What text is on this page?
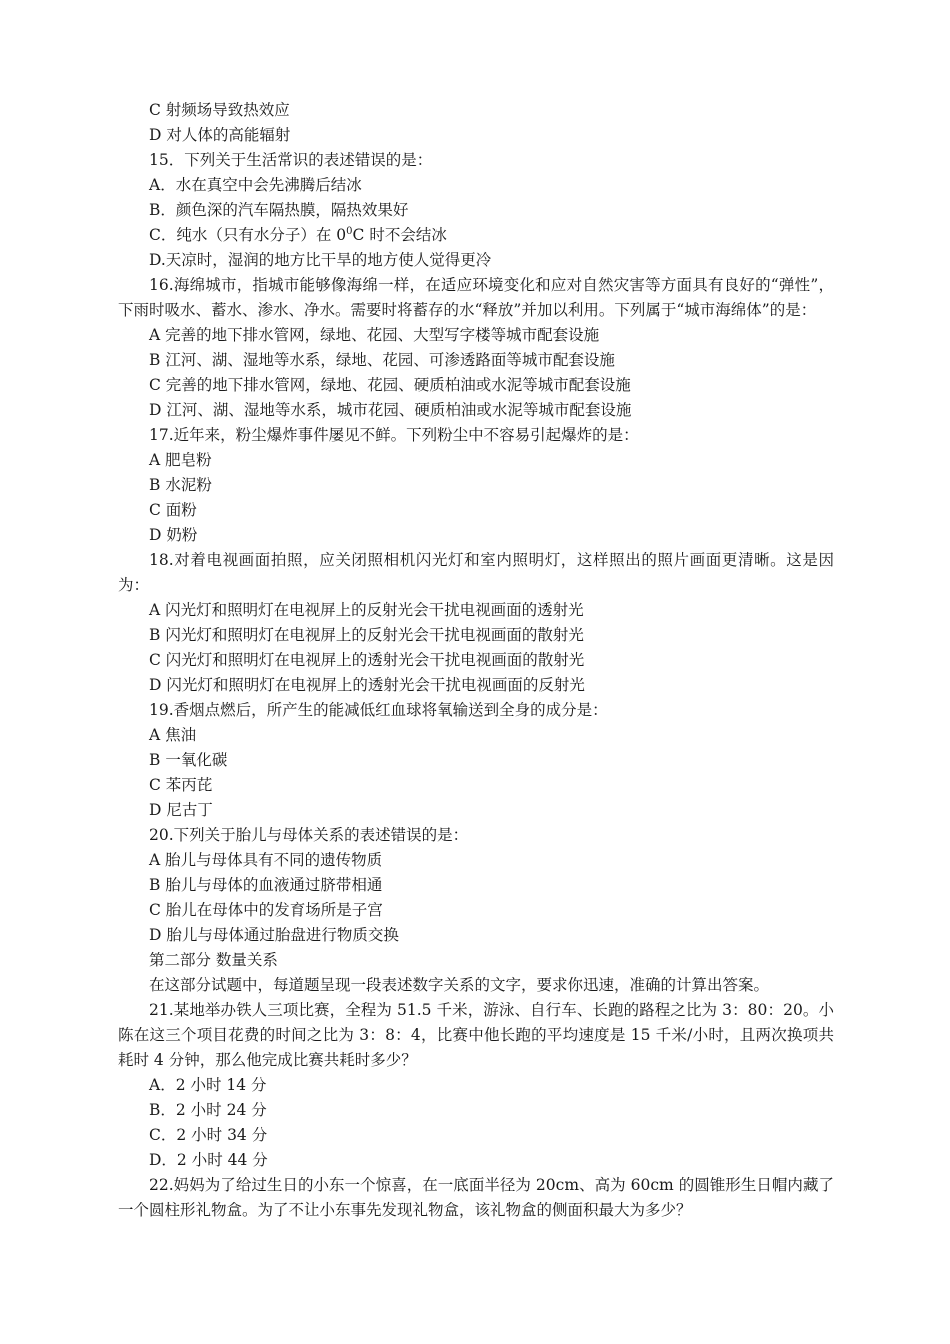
C 射频场导致热效应
D 对人体的高能辐射
15．下列关于生活常识的表述错误的是：
A．水在真空中会先沸腾后结冰
B．颜色深的汽车隔热膜，隔热效果好
C．纯水（只有水分子）在 $0^0C$ 时不会结冰
D.天凉时，湿润的地方比干旱的地方使人觉得更冷
16.海绵城市，指城市能够像海绵一样，在适应环境变化和应对自然灾害等方面具有良好的“弹性”，下雨时吸水、蓄水、渗水、净水。需要时将蓄存的水“释放”并加以利用。下列属于“城市海绵体”的是：
A 完善的地下排水管网，绿地、花园、大型写字楼等城市配套设施
B 江河、湖、湿地等水系，绿地、花园、可渗透路面等城市配套设施
C 完善的地下排水管网，绿地、花园、硬质柏油或水泥等城市配套设施
D 江河、湖、湿地等水系，城市花园、硬质柏油或水泥等城市配套设施
17.近年来，粉尘爆炸事件屡见不鲜。下列粉尘中不容易引起爆炸的是：
A 肥皂粉
B 水泥粉
C 面粉
D 奶粉
18.对着电视画面拍照，应关闭照相机闪光灯和室内照明灯，这样照出的照片画面更清晰。这是因为：
A 闪光灯和照明灯在电视屏上的反射光会干扰电视画面的透射光
B 闪光灯和照明灯在电视屏上的反射光会干扰电视画面的散射光
C 闪光灯和照明灯在电视屏上的透射光会干扰电视画面的散射光
D 闪光灯和照明灯在电视屏上的透射光会干扰电视画面的反射光
19.香烟点燃后，所产生的能减低红血球将氧输送到全身的成分是：
A 焦油
B 一氧化碳
C 苯丙芘
D 尼古丁
20.下列关于胎儿与母体关系的表述错误的是：
A 胎儿与母体具有不同的遗传物质
B 胎儿与母体的血液通过脐带相通
C 胎儿在母体中的发育场所是子宫
D 胎儿与母体通过胎盘进行物质交换
第二部分 数量关系
在这部分试题中，每道题呈现一段表述数字关系的文字，要求你迅速，准确的计算出答案。
21.某地举办铁人三项比赛，全程为 51.5 千米，游泳、自行车、长跑的路程之比为 3：80：20。小陈在这三个项目花费的时间之比为 3：8：4，比赛中他长跑的平均速度是 15 千米/小时，且两次换项共耗时 4 分钟，那么他完成比赛共耗时多少？
A．2 小时 14 分
B．2 小时 24 分
C．2 小时 34 分
D．2 小时 44 分
22.妈妈为了给过生日的小东一个惊喜，在一底面半径为 20cm、高为 60cm 的圆锥形生日帽内藏了一个圆柱形礼物盒。为了不让小东事先发现礼物盒，该礼物盒的侧面积最大为多少？
